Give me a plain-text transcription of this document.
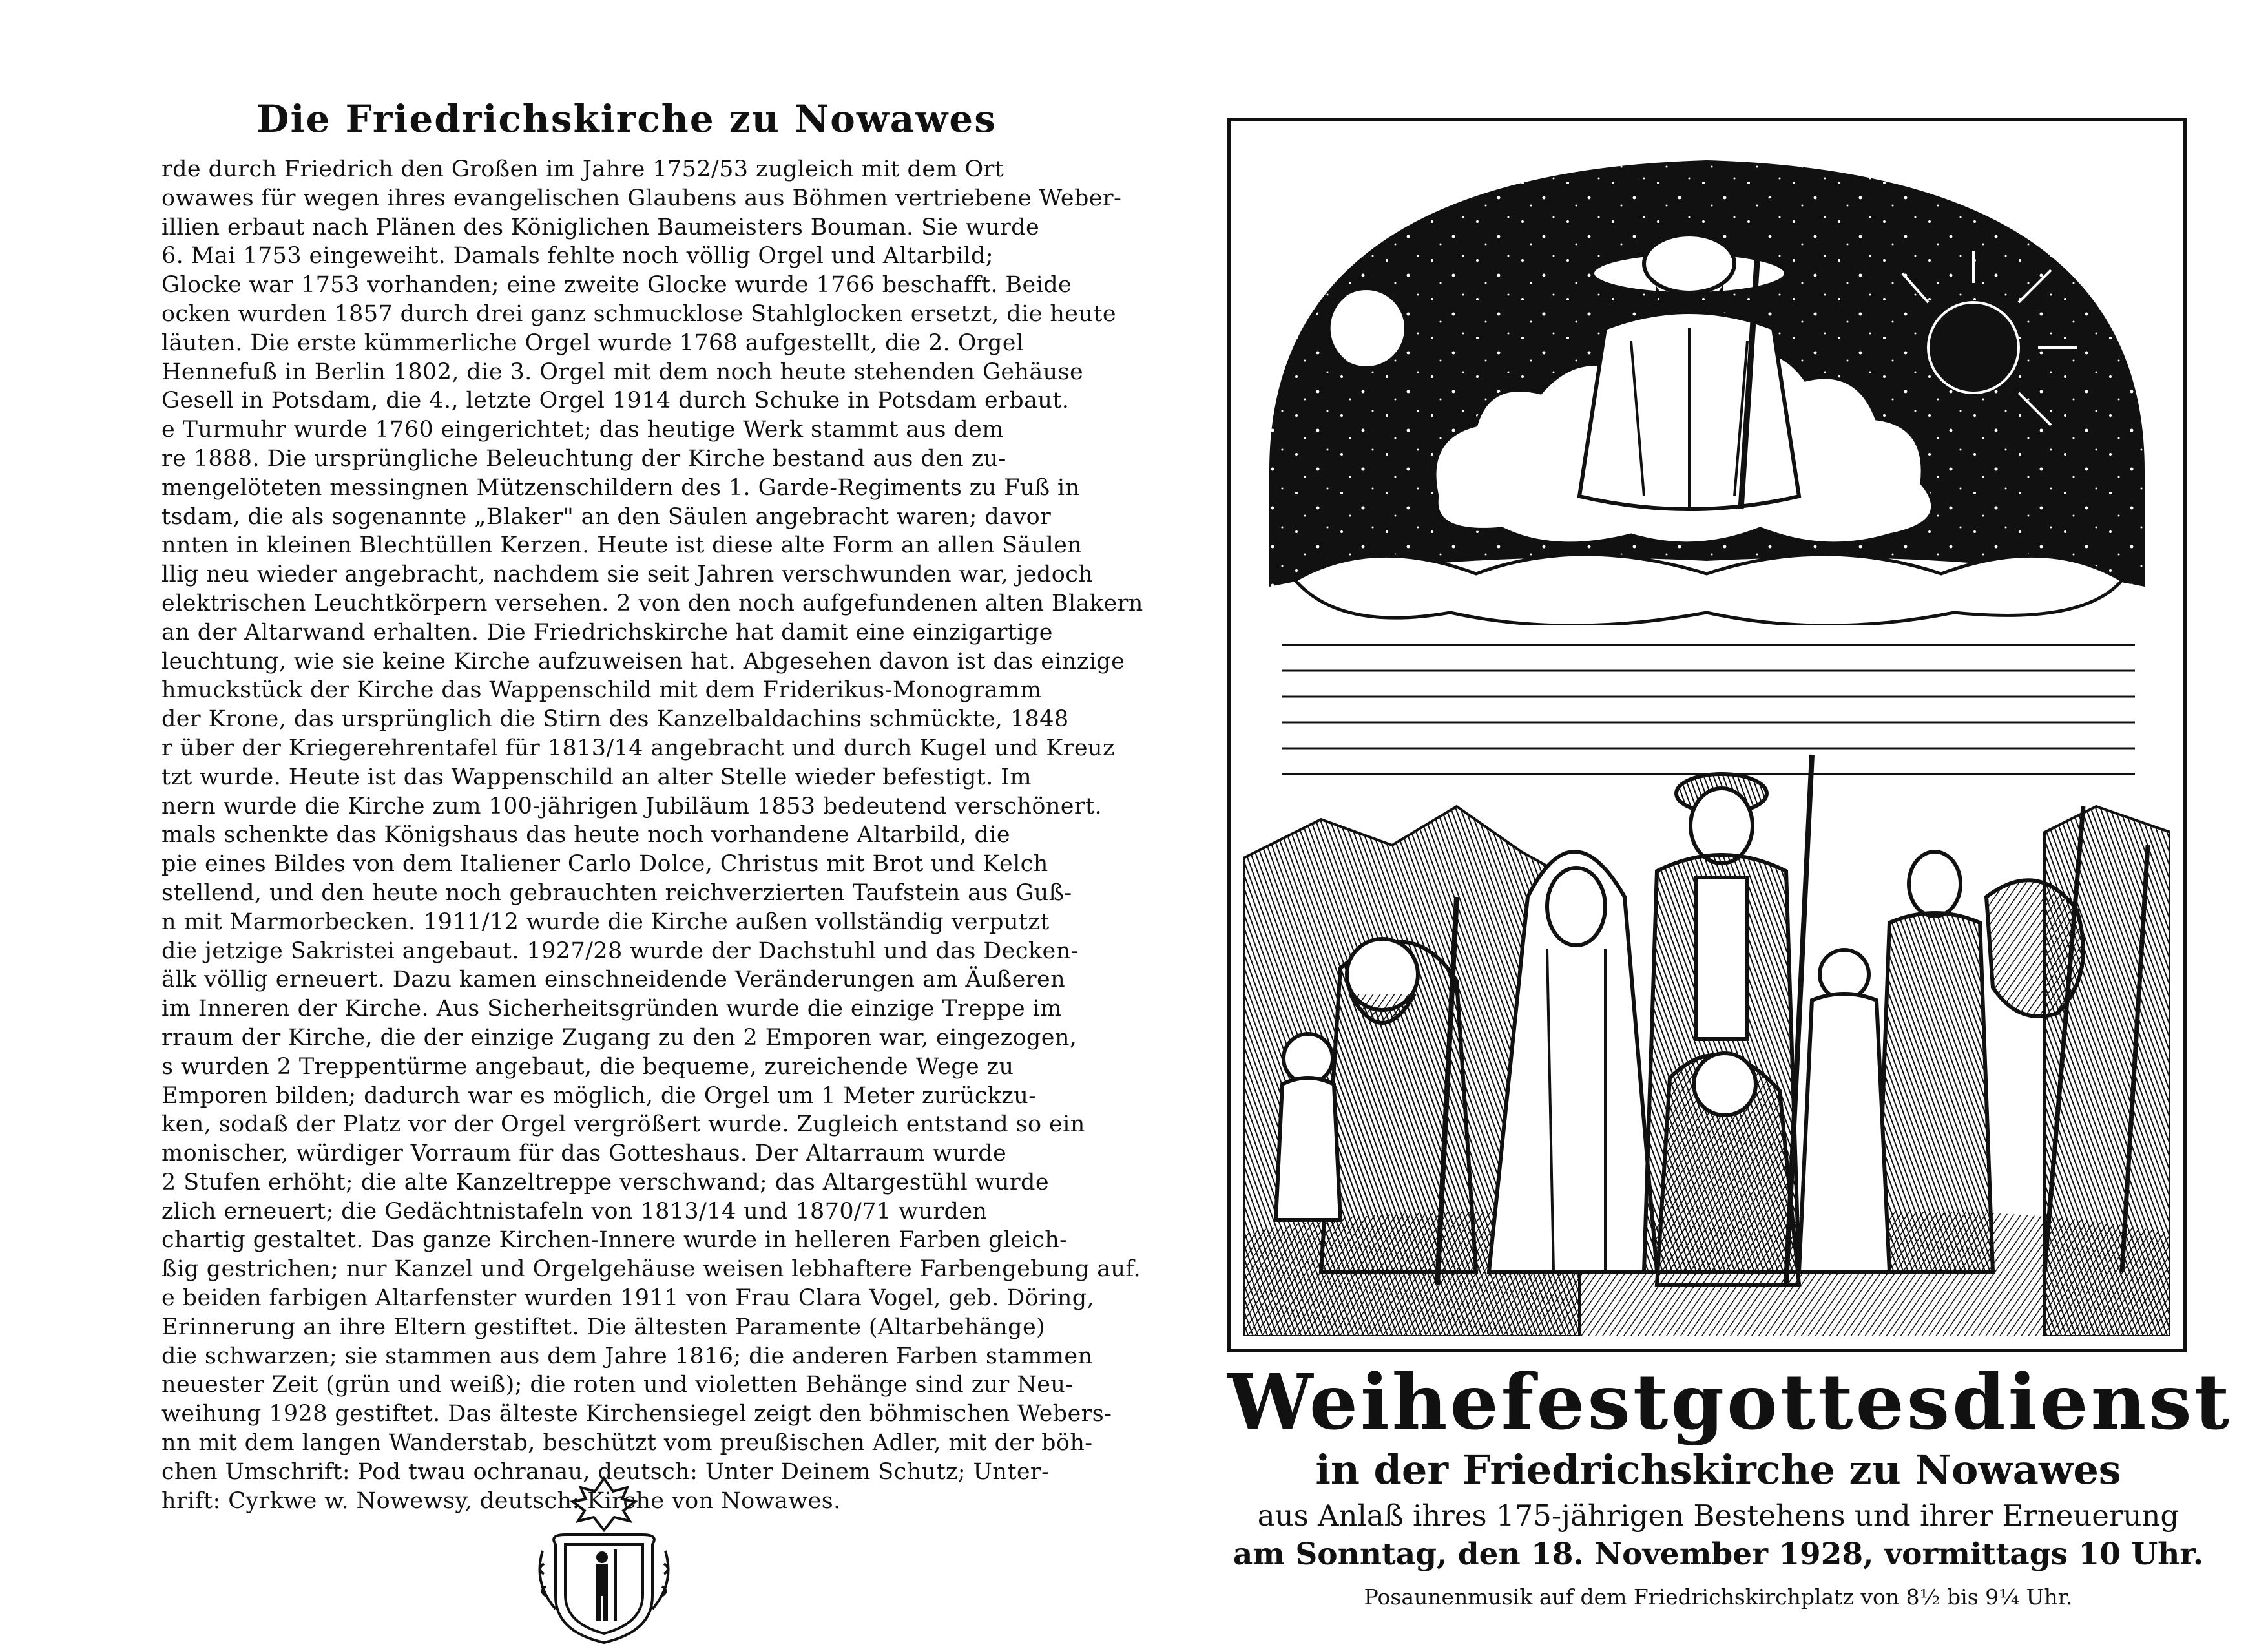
Die Friedrichskirche zu Nowawes
rde durch Friedrich den Großen im Jahre 1752/53 zugleich mit dem Ort
owawes für wegen ihres evangelischen Glaubens aus Böhmen vertriebene Weber-
illien erbaut nach Plänen des Königlichen Baumeisters Bouman. Sie wurde
6. Mai 1753 eingeweiht. Damals fehlte noch völlig Orgel und Altarbild;
Glocke war 1753 vorhanden; eine zweite Glocke wurde 1766 beschafft. Beide
ocken wurden 1857 durch drei ganz schmucklose Stahlglocken ersetzt, die heute
läuten. Die erste kümmerliche Orgel wurde 1768 aufgestellt, die 2. Orgel
Hennefuß in Berlin 1802, die 3. Orgel mit dem noch heute stehenden Gehäuse
Gesell in Potsdam, die 4., letzte Orgel 1914 durch Schuke in Potsdam erbaut.
e Turmuhr wurde 1760 eingerichtet; das heutige Werk stammt aus dem
re 1888. Die ursprüngliche Beleuchtung der Kirche bestand aus den zu-
mengelöteten messingnen Mützenschildern des 1. Garde-Regiments zu Fuß in
tsdam, die als sogenannte „Blaker" an den Säulen angebracht waren; davor
nnten in kleinen Blechtüllen Kerzen. Heute ist diese alte Form an allen Säulen
llig neu wieder angebracht, nachdem sie seit Jahren verschwunden war, jedoch
elektrischen Leuchtkörpern versehen. 2 von den noch aufgefundenen alten Blakern
an der Altarwand erhalten. Die Friedrichskirche hat damit eine einzigartige
leuchtung, wie sie keine Kirche aufzuweisen hat. Abgesehen davon ist das einzige
hmuckstück der Kirche das Wappenschild mit dem Friderikus-Monogramm
der Krone, das ursprünglich die Stirn des Kanzelbaldachins schmückte, 1848
r über der Kriegerehrentafel für 1813/14 angebracht und durch Kugel und Kreuz
tzt wurde. Heute ist das Wappenschild an alter Stelle wieder befestigt. Im
nern wurde die Kirche zum 100-jährigen Jubiläum 1853 bedeutend verschönert.
mals schenkte das Königshaus das heute noch vorhandene Altarbild, die
pie eines Bildes von dem Italiener Carlo Dolce, Christus mit Brot und Kelch
stellend, und den heute noch gebrauchten reichverzierten Taufstein aus Guß-
n mit Marmorbecken. 1911/12 wurde die Kirche außen vollständig verputzt
die jetzige Sakristei angebaut. 1927/28 wurde der Dachstuhl und das Decken-
älk völlig erneuert. Dazu kamen einschneidende Veränderungen am Äußeren
im Inneren der Kirche. Aus Sicherheitsgründen wurde die einzige Treppe im
rraum der Kirche, die der einzige Zugang zu den 2 Emporen war, eingezogen,
s wurden 2 Treppentürme angebaut, die bequeme, zureichende Wege zu
Emporen bilden; dadurch war es möglich, die Orgel um 1 Meter zurückzu-
ken, sodaß der Platz vor der Orgel vergrößert wurde. Zugleich entstand so ein
monischer, würdiger Vorraum für das Gotteshaus. Der Altarraum wurde
2 Stufen erhöht; die alte Kanzeltreppe verschwand; das Altargestühl wurde
zlich erneuert; die Gedächtnistafeln von 1813/14 und 1870/71 wurden
chartig gestaltet. Das ganze Kirchen-Innere wurde in helleren Farben gleich-
ßig gestrichen; nur Kanzel und Orgelgehäuse weisen lebhaftere Farbengebung auf.
e beiden farbigen Altarfenster wurden 1911 von Frau Clara Vogel, geb. Döring,
Erinnerung an ihre Eltern gestiftet. Die ältesten Paramente (Altarbehänge)
die schwarzen; sie stammen aus dem Jahre 1816; die anderen Farben stammen
neuester Zeit (grün und weiß); die roten und violetten Behänge sind zur Neu-
weihung 1928 gestiftet. Das älteste Kirchensiegel zeigt den böhmischen Webers-
nn mit dem langen Wanderstab, beschützt vom preußischen Adler, mit der böh-
chen Umschrift: Pod twau ochranau, deutsch: Unter Deinem Schutz; Unter-
hrift: Cyrkwe w. Nowewsy, deutsch: Kirche von Nowawes.
Weihefestgottesdienst
in der Friedrichskirche zu Nowawes
aus Anlaß ihres 175-jährigen Bestehens und ihrer Erneuerung
am Sonntag, den 18. November 1928, vormittags 10 Uhr.
Posaunenmusik auf dem Friedrichskirchplatz von 8½ bis 9¼ Uhr.
